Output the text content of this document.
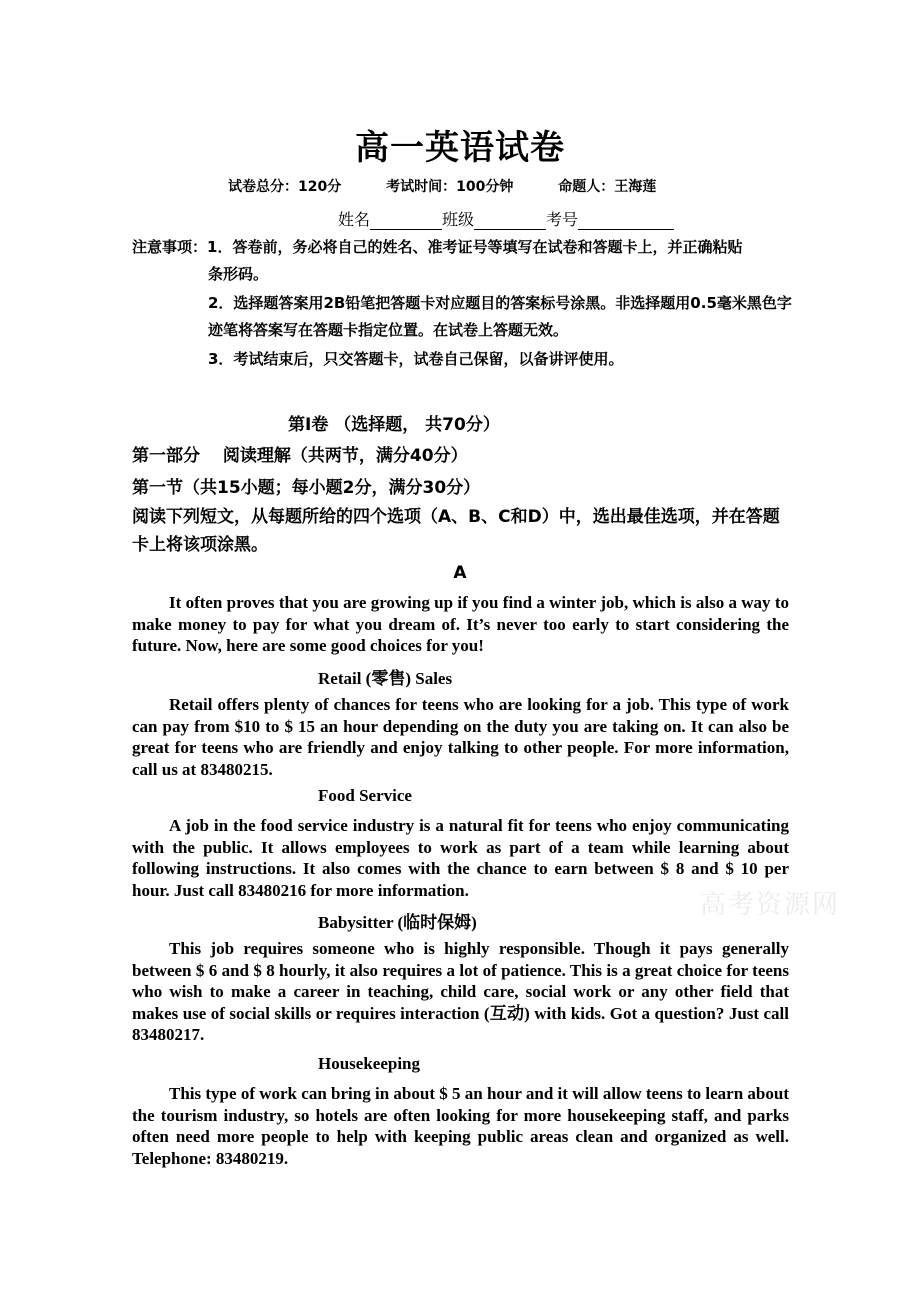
高一英语试卷
试卷总分：120分	考试时间：100分钟	命题人：王海莲
姓名	班级	考号
注意事项：1．答卷前，务必将自己的姓名、准考证号等填写在试卷和答题卡上，并正确粘贴
条形码。
2．选择题答案用2B铅笔把答题卡对应题目的答案标号涂黑。非选择题用0.5毫米黑色字迹笔将答案写在答题卡指定位置。在试卷上答题无效。
3．考试结束后，只交答题卡，试卷自己保留，以备讲评使用。
第Ⅰ卷 （选择题， 共70分）
第一部分　 阅读理解（共两节，满分40分）
第一节（共15小题；每小题2分，满分30分）
阅读下列短文，从每题所给的四个选项（A、B、C和D）中，选出最佳选项，并在答题卡上将该项涂黑。
A
It often proves that you are growing up if you find a winter job, which is also a way to make money to pay for what you dream of. It’s never too early to start considering the future. Now, here are some good choices for you!
Retail (零售) Sales
Retail offers plenty of chances for teens who are looking for a job. This type of work can pay from $10 to $ 15 an hour depending on the duty you are taking on. It can also be great for teens who are friendly and enjoy talking to other people. For more information, call us at 83480215.
Food Service
A job in the food service industry is a natural fit for teens who enjoy communicating with the public. It allows employees to work as part of a team while learning about following instructions. It also comes with the chance to earn between $ 8 and $ 10 per hour. Just call 83480216 for more information.
Babysitter (临时保姆)
This job requires someone who is highly responsible. Though it pays generally between $ 6 and $ 8 hourly, it also requires a lot of patience. This is a great choice for teens who wish to make a career in teaching, child care, social work or any other field that makes use of social skills or requires interaction (互动) with kids. Got a question? Just call 83480217.
Housekeeping
This type of work can bring in about $ 5 an hour and it will allow teens to learn about the tourism industry, so hotels are often looking for more housekeeping staff, and parks often need more people to help with keeping public areas clean and organized as well. Telephone: 83480219.
高考资源网
